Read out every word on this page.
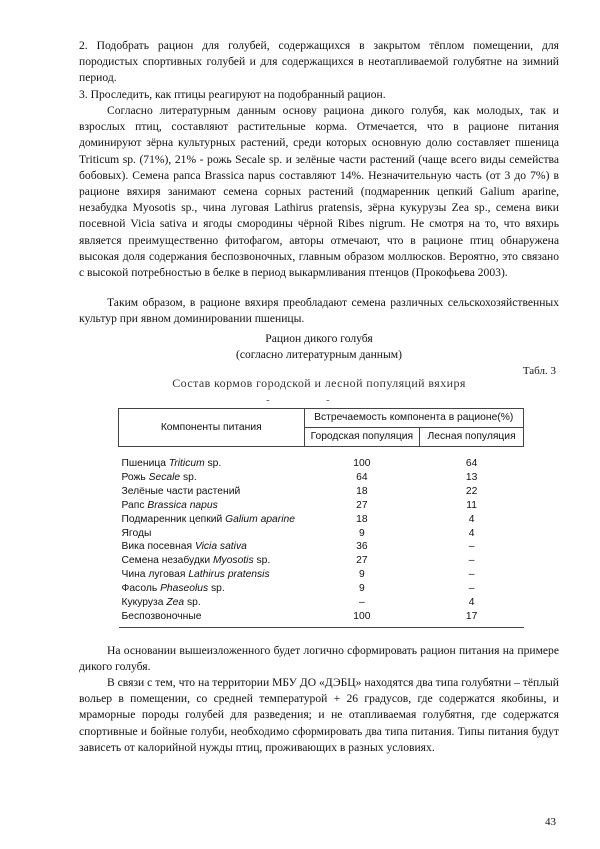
2. Подобрать рацион для голубей, содержащихся в закрытом тёплом помещении, для породистых спортивных голубей и для содержащихся в неотапливаемой голубятне на зимний период.

3. Проследить, как птицы реагируют на подобранный рацион.

Согласно литературным данным основу рациона дикого голубя, как молодых, так и взрослых птиц, составляют растительные корма. Отмечается, что в рационе питания доминируют зёрна культурных растений, среди которых основную долю составляет пшеница Triticum sp. (71%), 21% - рожь Secale sp. и зелёные части растений (чаще всего виды семейства бобовых). Семена рапса Brassica napus составляют 14%. Незначительную часть (от 3 до 7%) в рационе вяхиря занимают семена сорных растений (подмаренник цепкий Galium aparine, незабудка Myosotis sp., чина луговая Lathirus pratensis, зёрна кукурузы Zea sp., семена вики посевной Vicia sativa и ягоды смородины чёрной Ribes nigrum. Не смотря на то, что вяхирь является преимущественно фитофагом, авторы отмечают, что в рационе птиц обнаружена высокая доля содержания беспозвоночных, главным образом моллюсков. Вероятно, это связано с высокой потребностью в белке в период выкармливания птенцов (Прокофьева 2003).

Таким образом, в рационе вяхиря преобладают семена различных сельскохозяйственных культур при явном доминировании пшеницы.

Рацион дикого голубя

(согласно литературным данным)

Табл. 3
Состав кормов городской и лесной популяций вяхиря
-	-
Компоненты питания	Встречаемость компонента в рационе(%)	
	Городская популяция	Лесная популяция
Пшеница Triticum sp.	100	64
Рожь Secale sp.	64	13
Зелёные части растений	18	22
Рапс Brassica napus	27	11
Подмаренник цепкий Galium aparine	18	4
Ягоды	9	4
Вика посевная Vicia sativa	36	–
Семена незабудки Myosotis sp.	27	–
Чина луговая Lathirus pratensis	9	–
Фасоль Phaseolus sp.	9	–
Кукуруза Zea sp.	–	4
Беспозвоночные	100	17

На основании вышеизложенного будет логично сформировать рацион питания на примере дикого голубя.

В связи с тем, что на территории МБУ ДО «ДЭБЦ» находятся два типа голубятни – тёплый вольер в помещении, со средней температурой + 26 градусов, где содержатся якобины, и мраморные породы голубей для разведения; и не отапливаемая голубятня, где содержатся спортивные и бойные голуби, необходимо сформировать два типа питания. Типы питания будут зависеть от калорийной нужды птиц, проживающих в разных условиях.

43
